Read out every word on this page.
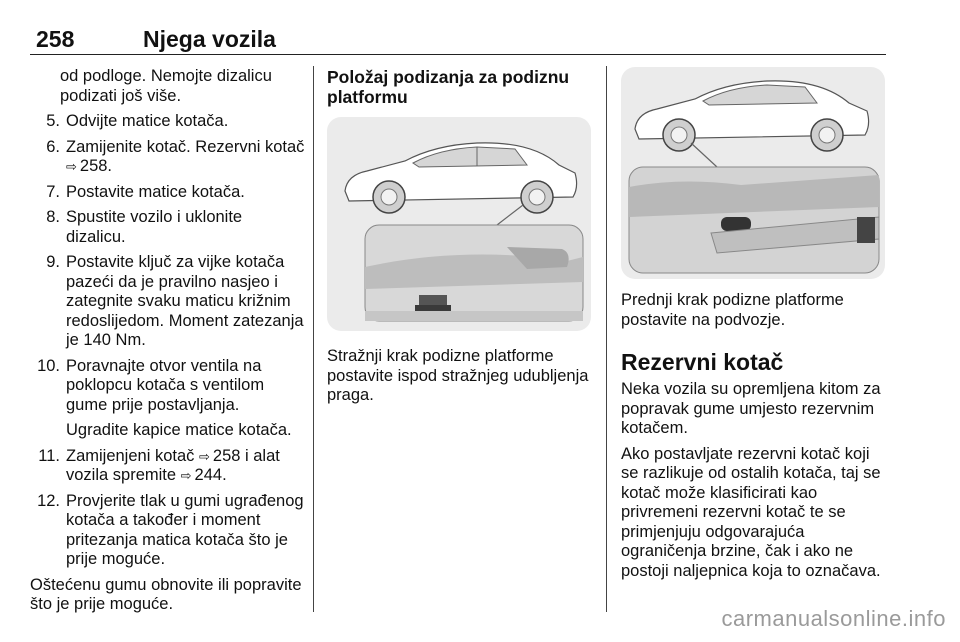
258	Njega vozila
od podloge. Nemojte dizalicu podizati još više.
5. Odvijte matice kotača.
6. Zamijenite kotač. Rezervni kotač
⇨ 258.
7. Postavite matice kotača.
8. Spustite vozilo i uklonite dizalicu.
9. Postavite ključ za vijke kotača pazeći da je pravilno nasjeo i zategnite svaku maticu križnim redoslijedom. Moment zatezanja je 140 Nm.
10. Poravnajte otvor ventila na poklopcu kotača s ventilom gume prije postavljanja.
Ugradite kapice matice kotača.
11. Zamijenjeni kotač ⇨ 258 i alat
vozila spremite ⇨ 244.
12. Provjerite tlak u gumi ugrađenog kotača a također i moment pritezanja matica kotača što je prije moguće.
Oštećenu gumu obnovite ili popravite što je prije moguće.
Položaj podizanja za podiznu platformu
Stražnji krak podizne platforme postavite ispod stražnjeg udubljenja praga.
Prednji krak podizne platforme postavite na podvozje.
Rezervni kotač
Neka vozila su opremljena kitom za popravak gume umjesto rezervnim kotačem.
Ako postavljate rezervni kotač koji se razlikuje od ostalih kotača, taj se kotač može klasificirati kao privremeni rezervni kotač te se primjenjuju odgovarajuća ograničenja brzine, čak i ako ne postoji naljepnica koja to označava.
carmanualsonline.info
